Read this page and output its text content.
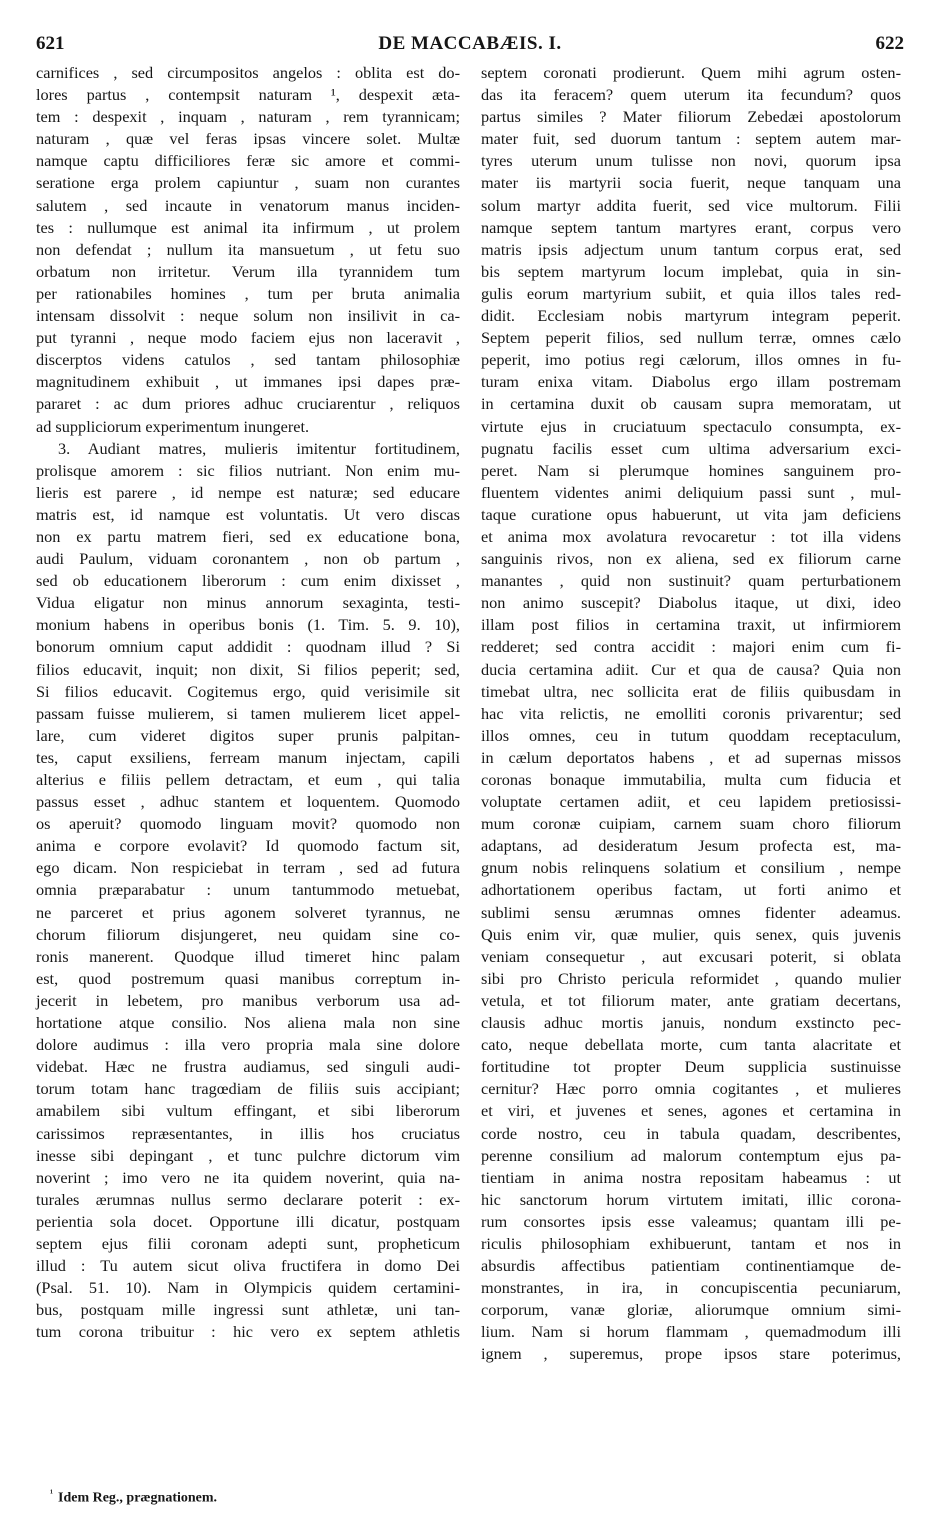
621	DE MACCABÆIS. I.	622
carnifices , sed circumpositos angelos : oblita est do-
lores partus , contempsit naturam ¹, despexit æta-
tem : despexit , inquam , naturam , rem tyrannicam;
naturam , quæ vel feras ipsas vincere solet. Multæ
namque captu difficiliores feræ sic amore et commi-
seratione erga prolem capiuntur , suam non curantes
salutem , sed incaute in venatorum manus inciden-
tes : nullumque est animal ita infirmum , ut prolem
non defendat ; nullum ita mansuetum , ut fetu suo
orbatum non irritetur. Verum illa tyrannidem tum
per rationabiles homines , tum per bruta animalia
intensam dissolvit : neque solum non insilivit in ca-
put tyranni , neque modo faciem ejus non laceravit ,
discerptos videns catulos , sed tantam philosophiæ
magnitudinem exhibuit , ut immanes ipsi dapes præ-
pararet : ac dum priores adhuc cruciarentur , reliquos
ad suppliciorum experimentum inungeret.
3. Audiant matres, mulieris imitentur fortitudinem,
prolisque amorem : sic filios nutriant. Non enim mu-
lieris est parere , id nempe est naturæ; sed educare
matris est, id namque est voluntatis. Ut vero discas
non ex partu matrem fieri, sed ex educatione bona,
audi Paulum, viduam coronantem , non ob partum ,
sed ob educationem liberorum : cum enim dixisset ,
Vidua eligatur non minus annorum sexaginta, testi-
monium habens in operibus bonis (1. Tim. 5. 9. 10),
bonorum omnium caput addidit : quodnam illud ? Si
filios educavit, inquit; non dixit, Si filios peperit; sed,
Si filios educavit. Cogitemus ergo, quid verisimile sit
passam fuisse mulierem, si tamen mulierem licet appel-
lare, cum videret digitos super prunis palpitan-
tes, caput exsiliens, ferream manum injectam, capili
alterius e filiis pellem detractam, et eum , qui talia
passus esset , adhuc stantem et loquentem. Quomodo
os aperuit? quomodo linguam movit? quomodo non
anima e corpore evolavit? Id quomodo factum sit,
ego dicam. Non respiciebat in terram , sed ad futura
omnia præparabatur : unum tantummodo metuebat,
ne parceret et prius agonem solveret tyrannus, ne
chorum filiorum disjungeret, neu quidam sine co-
ronis manerent. Quodque illud timeret hinc palam
est, quod postremum quasi manibus correptum in-
jecerit in lebetem, pro manibus verborum usa ad-
hortatione atque consilio. Nos aliena mala non sine
dolore audimus : illa vero propria mala sine dolore
videbat. Hæc ne frustra audiamus, sed singuli audi-
torum totam hanc tragœdiam de filiis suis accipiant;
amabilem sibi vultum effingant, et sibi liberorum
carissimos repræsentantes, in illis hos cruciatus
inesse sibi depingant , et tunc pulchre dictorum vim
noverint ; imo vero ne ita quidem noverint, quia na-
turales ærumnas nullus sermo declarare poterit : ex-
perientia sola docet. Opportune illi dicatur, postquam
septem ejus filii coronam adepti sunt, propheticum
illud : Tu autem sicut oliva fructifera in domo Dei
(Psal. 51. 10). Nam in Olympicis quidem certamini-
bus, postquam mille ingressi sunt athletæ, uni tan-
tum corona tribuitur : hic vero ex septem athletis
septem coronati prodierunt. Quem mihi agrum osten-
das ita feracem? quem uterum ita fecundum? quos
partus similes ? Mater filiorum Zebedæi apostolorum
mater fuit, sed duorum tantum : septem autem mar-
tyres uterum unum tulisse non novi, quorum ipsa
mater iis martyrii socia fuerit, neque tanquam una
solum martyr addita fuerit, sed vice multorum. Filii
namque septem tantum martyres erant, corpus vero
matris ipsis adjectum unum tantum corpus erat, sed
bis septem martyrum locum implebat, quia in sin-
gulis eorum martyrium subiit, et quia illos tales red-
didit. Ecclesiam nobis martyrum integram peperit.
Septem peperit filios, sed nullum terræ, omnes cælo
peperit, imo potius regi cælorum, illos omnes in fu-
turam enixa vitam. Diabolus ergo illam postremam
in certamina duxit ob causam supra memoratam, ut
virtute ejus in cruciatuum spectaculo consumpta, ex-
pugnatu facilis esset cum ultima adversarium exci-
peret. Nam si plerumque homines sanguinem pro-
fluentem videntes animi deliquium passi sunt , mul-
taque curatione opus habuerunt, ut vita jam deficiens
et anima mox avolatura revocaretur : tot illa videns
sanguinis rivos, non ex aliena, sed ex filiorum carne
manantes , quid non sustinuit? quam perturbationem
non animo suscepit? Diabolus itaque, ut dixi, ideo
illam post filios in certamina traxit, ut infirmiorem
redderet; sed contra accidit : majori enim cum fi-
ducia certamina adiit. Cur et qua de causa? Quia non
timebat ultra, nec sollicita erat de filiis quibusdam in
hac vita relictis, ne emolliti coronis privarentur; sed
illos omnes, ceu in tutum quoddam receptaculum,
in cælum deportatos habens , et ad supernas missos
coronas bonaque immutabilia, multa cum fiducia et
voluptate certamen adiit, et ceu lapidem pretiosissi-
mum coronæ cuipiam, carnem suam choro filiorum
adaptans, ad desideratum Jesum profecta est, ma-
gnum nobis relinquens solatium et consilium , nempe
adhortationem operibus factam, ut forti animo et
sublimi sensu ærumnas omnes fidenter adeamus.
Quis enim vir, quæ mulier, quis senex, quis juvenis
veniam consequetur , aut excusari poterit, si oblata
sibi pro Christo pericula reformidet , quando mulier
vetula, et tot filiorum mater, ante gratiam decertans,
clausis adhuc mortis januis, nondum exstincto pec-
cato, neque debellata morte, cum tanta alacritate et
fortitudine tot propter Deum supplicia sustinuisse
cernitur? Hæc porro omnia cogitantes , et mulieres
et viri, et juvenes et senes, agones et certamina in
corde nostro, ceu in tabula quadam, describentes,
perenne consilium ad malorum contemptum ejus pa-
tientiam in anima nostra repositam habeamus : ut
hic sanctorum horum virtutem imitati, illic corona-
rum consortes ipsis esse valeamus; quantam illi pe-
riculis philosophiam exhibuerunt, tantam et nos in
absurdis affectibus patientiam continentiamque de-
monstrantes, in ira, in concupiscentia pecuniarum,
corporum, vanæ gloriæ, aliorumque omnium simi-
lium. Nam si horum flammam , quemadmodum illi
ignem , superemus, prope ipsos stare poterimus,
$^{^1}$ Idem Reg., prægnationem.
